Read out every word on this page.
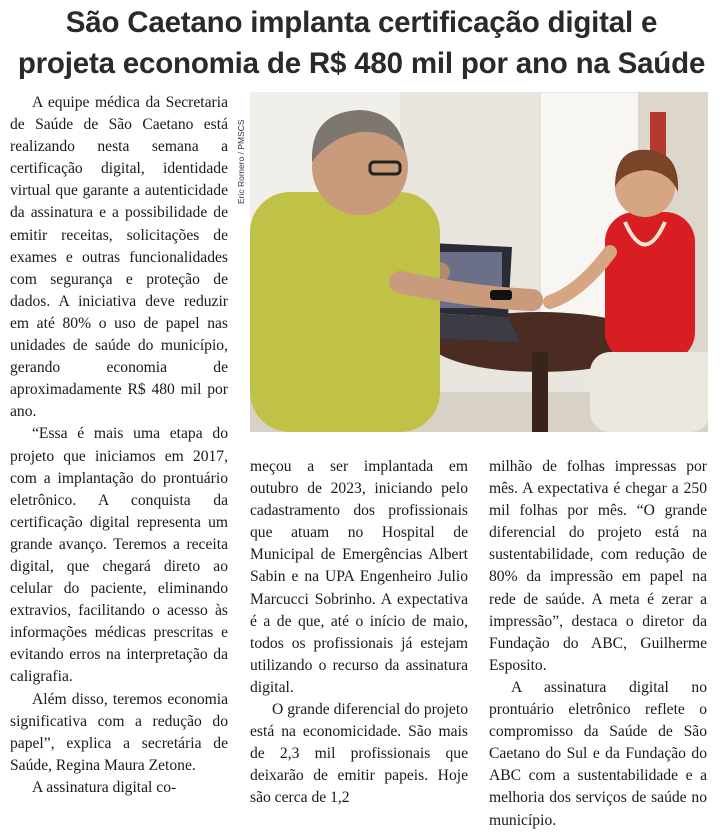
São Caetano implanta certificação digital e
projeta economia de R$ 480 mil por ano na Saúde

A equipe médica da Secretaria de Saúde de São Caetano está realizando nesta semana a certificação digital, identidade virtual que garante a autenticidade da assinatura e a possibilidade de emitir receitas, solicitações de exames e outras funcionalidades com segurança e proteção de dados. A iniciativa deve reduzir em até 80% o uso de papel nas unidades de saúde do município, gerando economia de aproximadamente R$ 480 mil por ano.

“Essa é mais uma etapa do projeto que iniciamos em 2017, com a implantação do prontuário eletrônico. A conquista da certificação digital representa um grande avanço. Teremos a receita digital, que chegará direto ao celular do paciente, eliminando extravios, facilitando o acesso às informações médicas prescritas e evitando erros na interpretação da caligrafia.

Além disso, teremos economia significativa com a redução do papel”, explica a secretária de Saúde, Regina Maura Zetone.

A assinatura digital co-

Eric Romero / PMSCS

meçou a ser implantada em outubro de 2023, iniciando pelo cadastramento dos profissionais que atuam no Hospital de Municipal de Emergências Albert Sabin e na UPA Engenheiro Julio Marcucci Sobrinho. A expectativa é a de que, até o início de maio, todos os profissionais já estejam utilizando o recurso da assinatura digital.

O grande diferencial do projeto está na economicidade. São mais de 2,3 mil profissionais que deixarão de emitir papeis. Hoje são cerca de 1,2

milhão de folhas impressas por mês. A expectativa é chegar a 250 mil folhas por mês. “O grande diferencial do projeto está na sustentabilidade, com redução de 80% da impressão em papel na rede de saúde. A meta é zerar a impressão”, destaca o diretor da Fundação do ABC, Guilherme Esposito.

A assinatura digital no prontuário eletrônico reflete o compromisso da Saúde de São Caetano do Sul e da Fundação do ABC com a sustentabilidade e a melhoria dos serviços de saúde no município.
